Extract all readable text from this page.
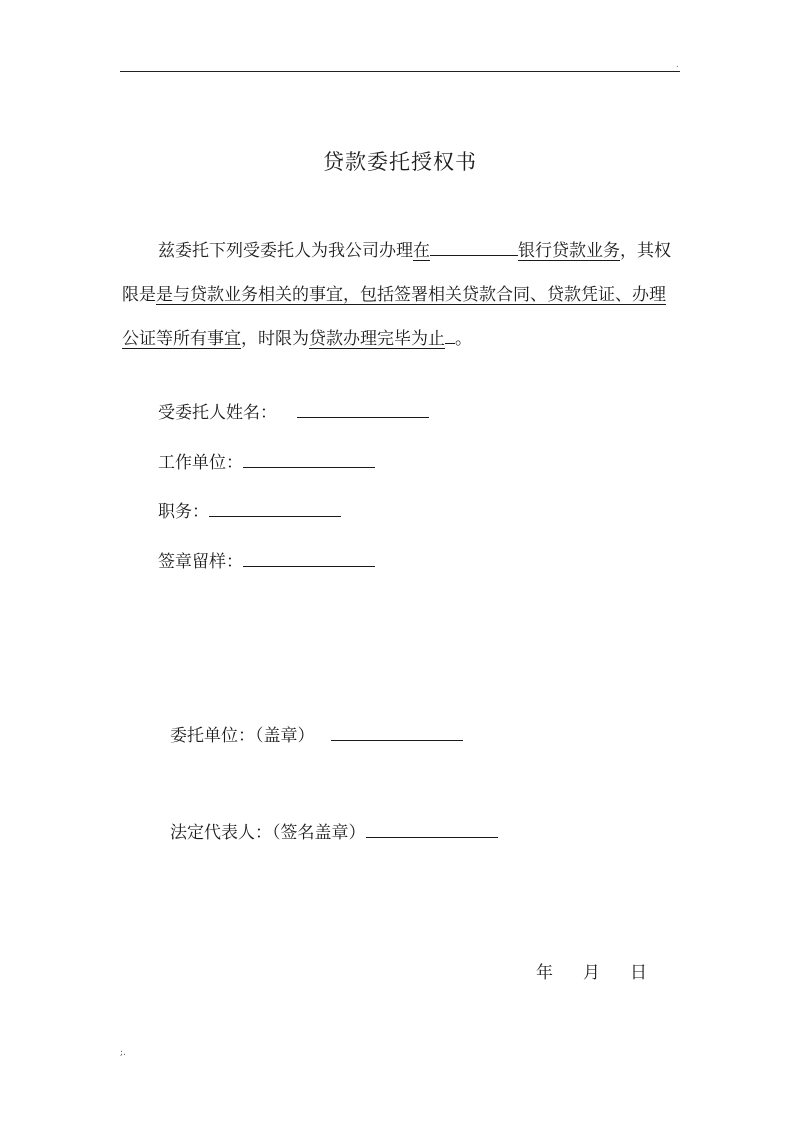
.
贷款委托授权书
兹委托下列受委托人为我公司办理在	银行贷款业务，其权限是是与贷款业务相关的事宜，包括签署相关贷款合同、贷款凭证、办理公证等所有事宜，时限为贷款办理完毕为止 。
受委托人姓名：
工作单位：
职务：
签章留样：
委托单位：（盖章）
法定代表人：（签名盖章）
年 月 日
;.
